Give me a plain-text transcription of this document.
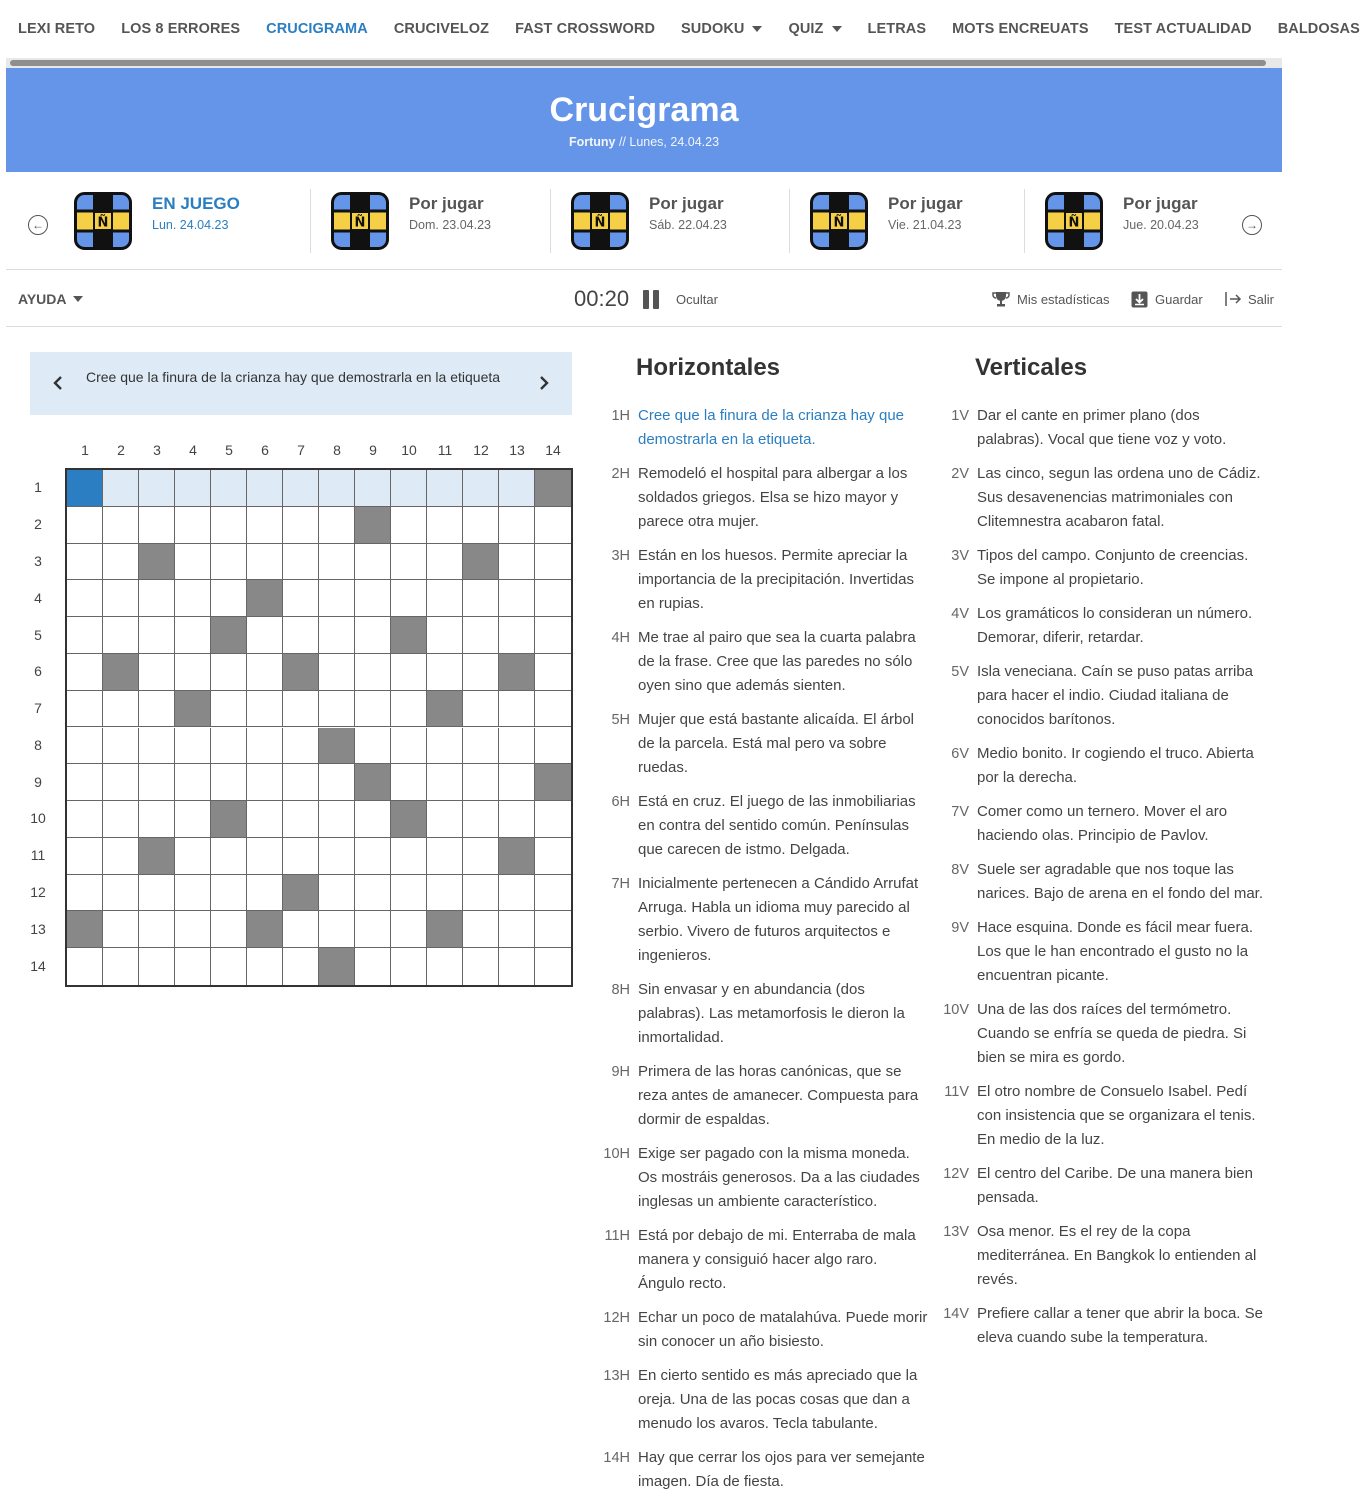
LEXI RETO LOS 8 ERRORES CRUCIGRAMA CRUCIVELOZ FAST CROSSWORD SUDOKU	QUIZ	LETRAS MOTS ENCREUATS TEST ACTUALIDAD BALDOSAS
Crucigrama
Fortuny // Lunes, 24.04.23
←	→
Ñ
EN JUEGO
Lun. 24.04.23	Ñ
Por jugar
Dom. 23.04.23	Ñ
Por jugar
Sáb. 22.04.23	Ñ
Por jugar
Vie. 21.04.23	Ñ
Por jugar
Jue. 20.04.23
AYUDA	00:20	Ocultar	Mis estadísticas	Guardar	Salir
Cree que la finura de la crianza hay que demostrarla en la etiqueta
1	2	3	4	5	6	7	8	9	10	11	12	13	14
1
2
3
4
5
6
7
8
9
10
11
12
13
14
Horizontales
1H Cree que la finura de la crianza hay que demostrarla en la etiqueta.
2H Remodeló el hospital para albergar a los soldados griegos. Elsa se hizo mayor y parece otra mujer.
3H Están en los huesos. Permite apreciar la importancia de la precipitación. Invertidas en rupias.
4H Me trae al pairo que sea la cuarta palabra de la frase. Cree que las paredes no sólo oyen sino que además sienten.
5H Mujer que está bastante alicaída. El árbol de la parcela. Está mal pero va sobre ruedas.
6H Está en cruz. El juego de las inmobiliarias en contra del sentido común. Penínsulas que carecen de istmo. Delgada.
7H Inicialmente pertenecen a Cándido Arrufat Arruga. Habla un idioma muy parecido al serbio. Vivero de futuros arquitectos e ingenieros.
8H Sin envasar y en abundancia (dos palabras). Las metamorfosis le dieron la inmortalidad.
9H Primera de las horas canónicas, que se reza antes de amanecer. Compuesta para dormir de espaldas.
10H Exige ser pagado con la misma moneda. Os mostráis generosos. Da a las ciudades inglesas un ambiente característico.
11H Está por debajo de mi. Enterraba de mala manera y consiguió hacer algo raro. Ángulo recto.
12H Echar un poco de matalahúva. Puede morir sin conocer un año bisiesto.
13H En cierto sentido es más apreciado que la oreja. Una de las pocas cosas que dan a menudo los avaros. Tecla tabulante.
14H Hay que cerrar los ojos para ver semejante imagen. Día de fiesta.
Verticales
1V Dar el cante en primer plano (dos palabras). Vocal que tiene voz y voto.
2V Las cinco, segun las ordena uno de Cádiz. Sus desavenencias matrimoniales con Clitemnestra acabaron fatal.
3V Tipos del campo. Conjunto de creencias. Se impone al propietario.
4V Los gramáticos lo consideran un número. Demorar, diferir, retardar.
5V Isla veneciana. Caín se puso patas arriba para hacer el indio. Ciudad italiana de conocidos barítonos.
6V Medio bonito. Ir cogiendo el truco. Abierta por la derecha.
7V Comer como un ternero. Mover el aro haciendo olas. Principio de Pavlov.
8V Suele ser agradable que nos toque las narices. Bajo de arena en el fondo del mar.
9V Hace esquina. Donde es fácil mear fuera. Los que le han encontrado el gusto no la encuentran picante.
10V Una de las dos raíces del termómetro. Cuando se enfría se queda de piedra. Si bien se mira es gordo.
11V El otro nombre de Consuelo Isabel. Pedí con insistencia que se organizara el tenis. En medio de la luz.
12V El centro del Caribe. De una manera bien pensada.
13V Osa menor. Es el rey de la copa mediterránea. En Bangkok lo entienden al revés.
14V Prefiere callar a tener que abrir la boca. Se eleva cuando sube la temperatura.
